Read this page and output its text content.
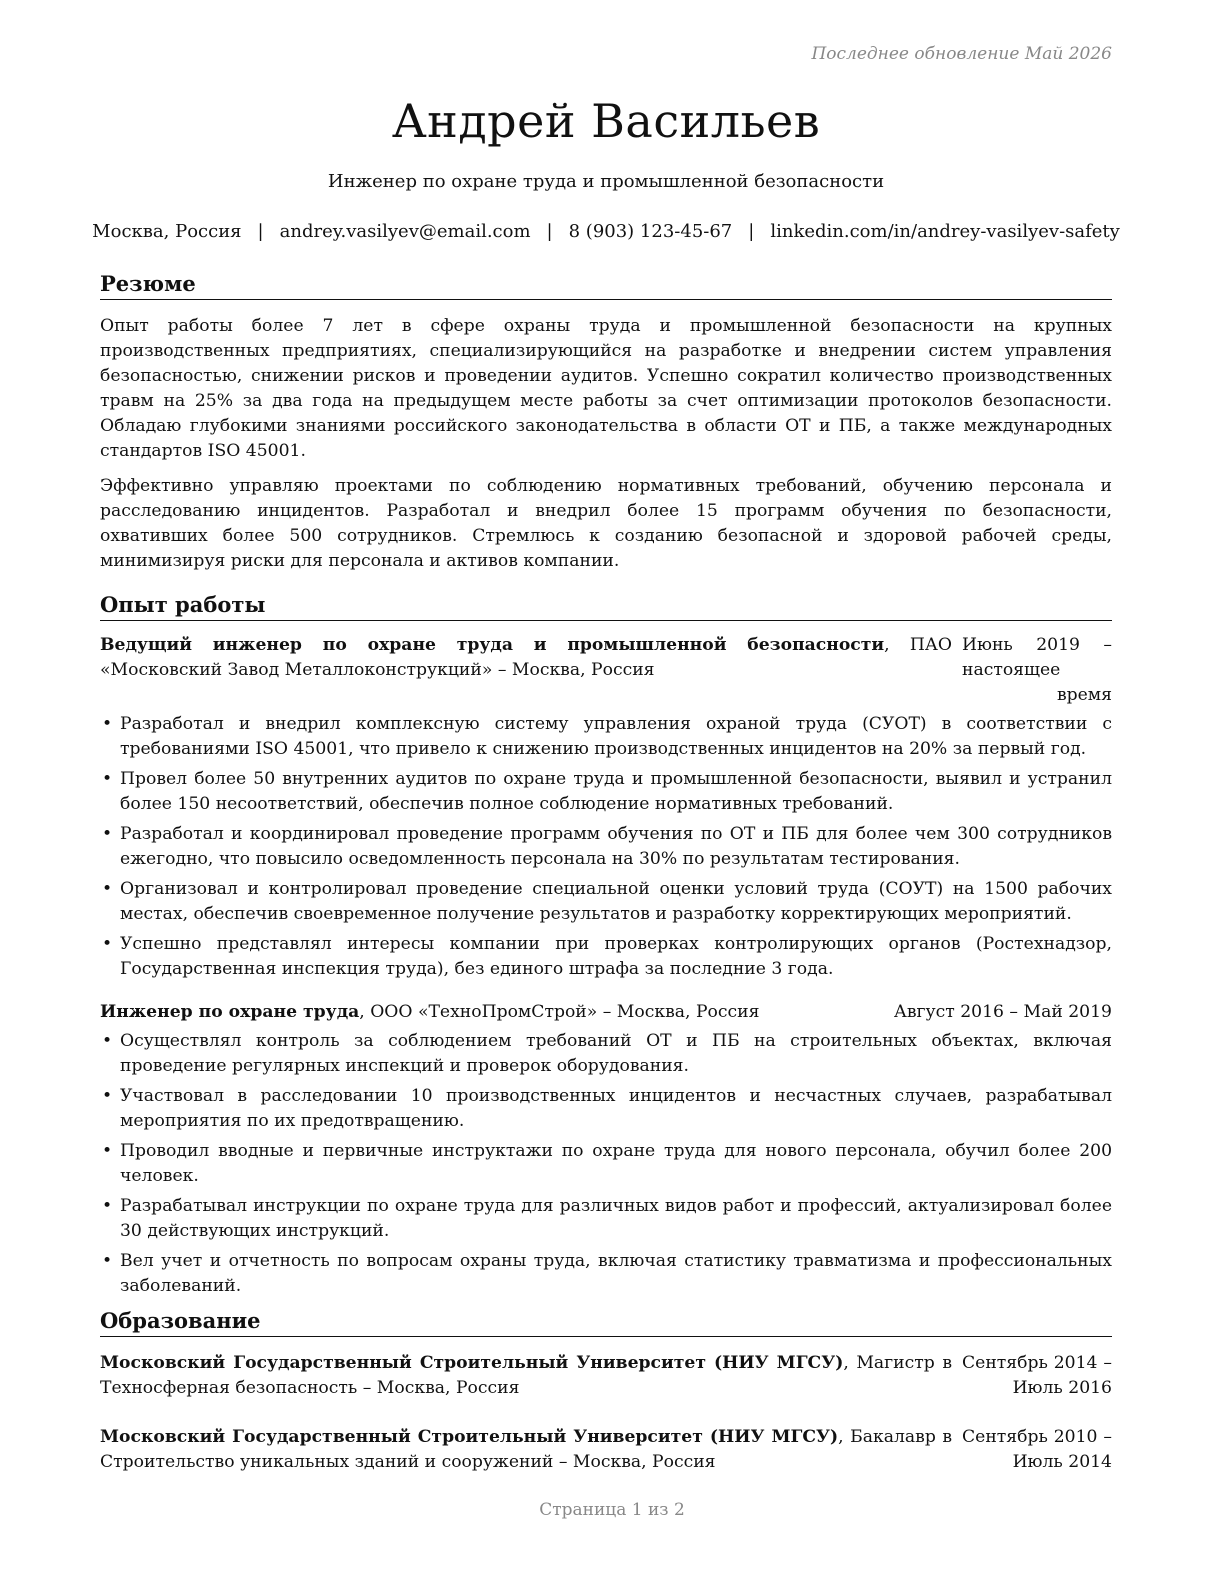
Последнее обновление Май 2026
Андрей Васильев
Инженер по охране труда и промышленной безопасности
Москва, Россия | andrey.vasilyev@email.com | 8 (903) 123-45-67 | linkedin.com/in/andrey-vasilyev-safety
Резюме

Опыт работы более 7 лет в сфере охраны труда и промышленной безопасности на крупных производственных предприятиях, специализирующийся на разработке и внедрении систем управления безопасностью, снижении рисков и проведении аудитов. Успешно сократил количество производственных травм на 25% за два года на предыдущем месте работы за счет оптимизации протоколов безопасности. Обладаю глубокими знаниями российского законодательства в области ОТ и ПБ, а также международных стандартов ISO 45001.

Эффективно управляю проектами по соблюдению нормативных требований, обучению персонала и расследованию инцидентов. Разработал и внедрил более 15 программ обучения по безопасности, охвативших более 500 сотрудников. Стремлюсь к созданию безопасной и здоровой рабочей среды, минимизируя риски для персонала и активов компании.

Опыт работы
Ведущий инженер по охране труда и промышленной безопасности, ПАО «Московский Завод Металлоконструкций» – Москва, Россия
Июнь 2019 – настоящее время
• Разработал и внедрил комплексную систему управления охраной труда (СУОТ) в соответствии с требованиями ISO 45001, что привело к снижению производственных инцидентов на 20% за первый год.
• Провел более 50 внутренних аудитов по охране труда и промышленной безопасности, выявил и устранил более 150 несоответствий, обеспечив полное соблюдение нормативных требований.
• Разработал и координировал проведение программ обучения по ОТ и ПБ для более чем 300 сотрудников ежегодно, что повысило осведомленность персонала на 30% по результатам тестирования.
• Организовал и контролировал проведение специальной оценки условий труда (СОУТ) на 1500 рабочих местах, обеспечив своевременное получение результатов и разработку корректирующих мероприятий.
• Успешно представлял интересы компании при проверках контролирующих органов (Ростехнадзор, Государственная инспекция труда), без единого штрафа за последние 3 года.
Инженер по охране труда, ООО «ТехноПромСтрой» – Москва, Россия	Август 2016 – Май 2019
• Осуществлял контроль за соблюдением требований ОТ и ПБ на строительных объектах, включая проведение регулярных инспекций и проверок оборудования.
• Участвовал в расследовании 10 производственных инцидентов и несчастных случаев, разрабатывал мероприятия по их предотвращению.
• Проводил вводные и первичные инструктажи по охране труда для нового персонала, обучил более 200 человек.
• Разрабатывал инструкции по охране труда для различных видов работ и профессий, актуализировал более 30 действующих инструкций.
• Вел учет и отчетность по вопросам охраны труда, включая статистику травматизма и профессиональных заболеваний.
Образование
Московский Государственный Строительный Университет (НИУ МГСУ), Магистр в Техносферная безопасность – Москва, Россия
Сентябрь 2014 – Июль 2016
Московский Государственный Строительный Университет (НИУ МГСУ), Бакалавр в Строительство уникальных зданий и сооружений – Москва, Россия
Сентябрь 2010 – Июль 2014
Страница 1 из 2
